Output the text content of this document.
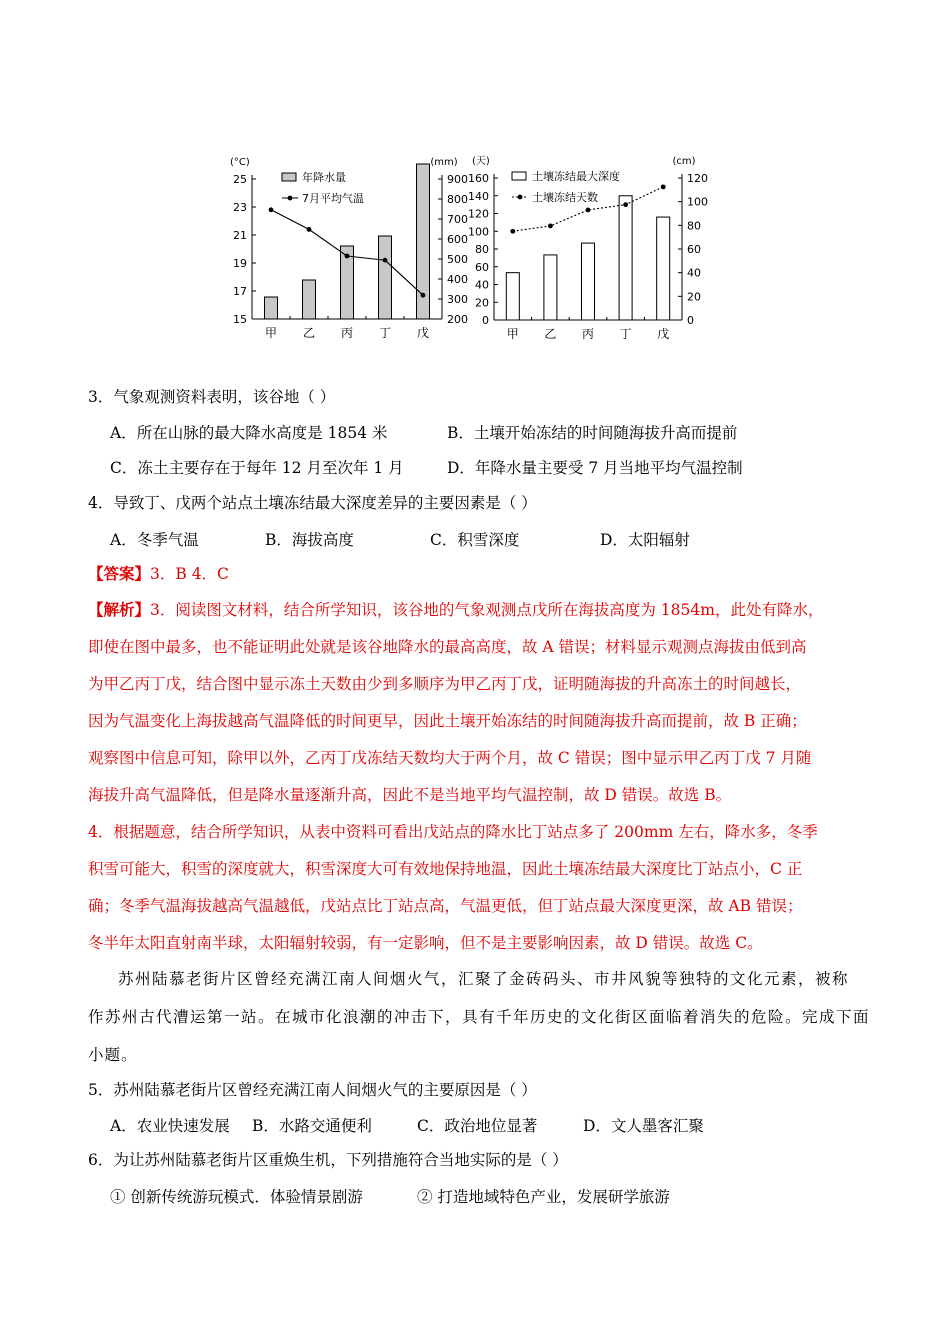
25
23
21
19
17
15
900
800
700
600
500
400
300
200
(°C)	(mm)
甲 乙 丙 丁 戊
年降水量
7月平均气温
160
140
120
100
80
60
40
20
0
120
100
80
60
40
20
0
(天)	(cm)
甲 乙 丙 丁 戊
土壤冻结最大深度
土壤冻结天数
3．气象观测资料表明，该谷地（ ）
A．所在山脉的最大降水高度是 1854 米	B．土壤开始冻结的时间随海拔升高而提前
C．冻土主要存在于每年 12 月至次年 1 月	D．年降水量主要受 7 月当地平均气温控制
4．导致丁、戊两个站点土壤冻结最大深度差异的主要因素是（ ）
A．冬季气温	B．海拔高度	C．积雪深度	D．太阳辐射
【答案】3．B 4．C
【解析】3．阅读图文材料，结合所学知识，该谷地的气象观测点戊所在海拔高度为 1854m，此处有降水，
即使在图中最多，也不能证明此处就是该谷地降水的最高高度，故 A 错误；材料显示观测点海拔由低到高
为甲乙丙丁戊，结合图中显示冻土天数由少到多顺序为甲乙丙丁戊，证明随海拔的升高冻土的时间越长，
因为气温变化上海拔越高气温降低的时间更早，因此土壤开始冻结的时间随海拔升高而提前，故 B 正确；
观察图中信息可知，除甲以外，乙丙丁戊冻结天数均大于两个月，故 C 错误；图中显示甲乙丙丁戊 7 月随
海拔升高气温降低，但是降水量逐渐升高，因此不是当地平均气温控制，故 D 错误。故选 B。
4．根据题意，结合所学知识，从表中资料可看出戊站点的降水比丁站点多了 200mm 左右，降水多，冬季
积雪可能大，积雪的深度就大，积雪深度大可有效地保持地温，因此土壤冻结最大深度比丁站点小，C 正
确；冬季气温海拔越高气温越低，戊站点比丁站点高，气温更低，但丁站点最大深度更深，故 AB 错误；
冬半年太阳直射南半球，太阳辐射较弱，有一定影响，但不是主要影响因素，故 D 错误。故选 C。
苏州陆慕老街片区曾经充满江南人间烟火气，汇聚了金砖码头、市井风貌等独特的文化元素，被称
作苏州古代漕运第一站。在城市化浪潮的冲击下，具有千年历史的文化街区面临着消失的危险。完成下面
小题。
5．苏州陆慕老街片区曾经充满江南人间烟火气的主要原因是（ ）
A．农业快速发展 B．水路交通便利	C．政治地位显著	D．文人墨客汇聚
6．为让苏州陆慕老街片区重焕生机，下列措施符合当地实际的是（ ）
① 创新传统游玩模式．体验情景剧游	② 打造地域特色产业，发展研学旅游
